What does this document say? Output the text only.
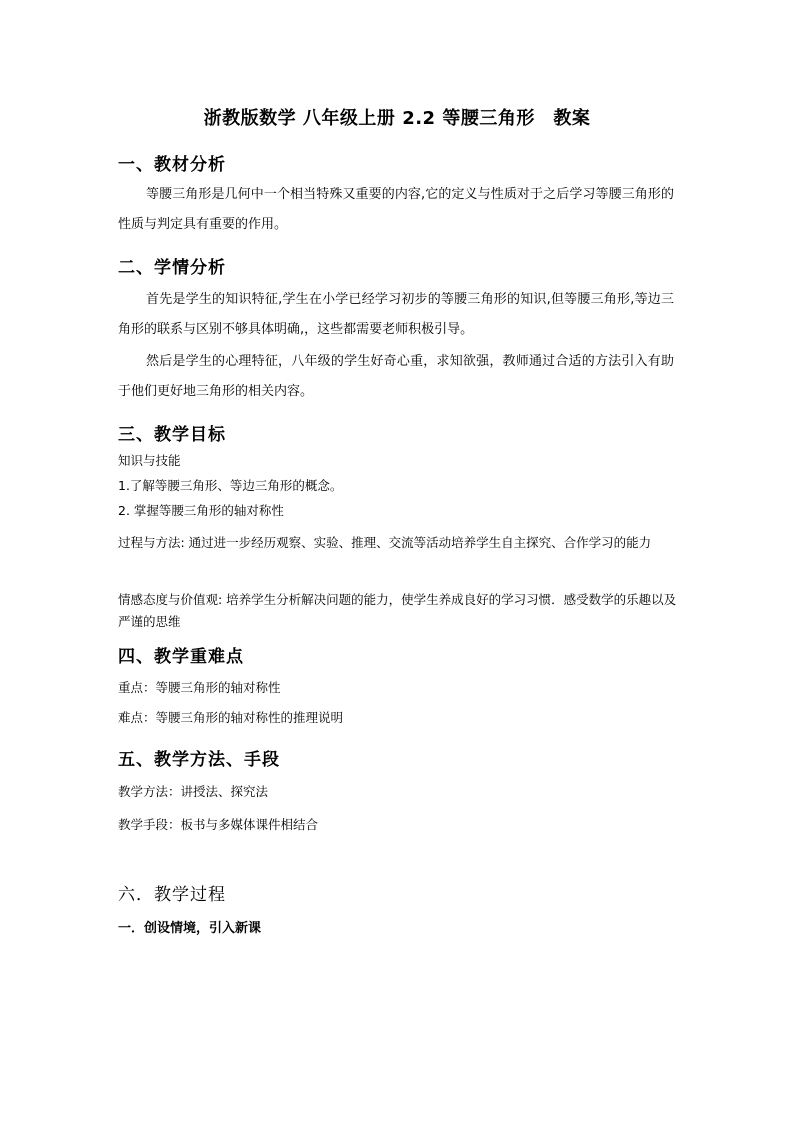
浙教版数学 八年级上册 2.2 等腰三角形　教案
一、教材分析
等腰三角形是几何中一个相当特殊又重要的内容,它的定义与性质对于之后学习等腰三角形的性质与判定具有重要的作用。
二、学情分析
首先是学生的知识特征,学生在小学已经学习初步的等腰三角形的知识,但等腰三角形,等边三角形的联系与区别不够具体明确,，这些都需要老师积极引导。
然后是学生的心理特征，八年级的学生好奇心重，求知欲强，教师通过合适的方法引入有助于他们更好地三角形的相关内容。
三、教学目标
知识与技能
1.了解等腰三角形、等边三角形的概念。
2. 掌握等腰三角形的轴对称性
过程与方法: 通过进一步经历观察、实验、推理、交流等活动培养学生自主探究、合作学习的能力
情感态度与价值观: 培养学生分析解决问题的能力，使学生养成良好的学习习惯．感受数学的乐趣以及严谨的思维
四、教学重难点
重点：等腰三角形的轴对称性
难点：等腰三角形的轴对称性的推理说明
五、教学方法、手段
教学方法：讲授法、探究法
教学手段：板书与多媒体课件相结合
六．教学过程
一．创设情境，引入新课
